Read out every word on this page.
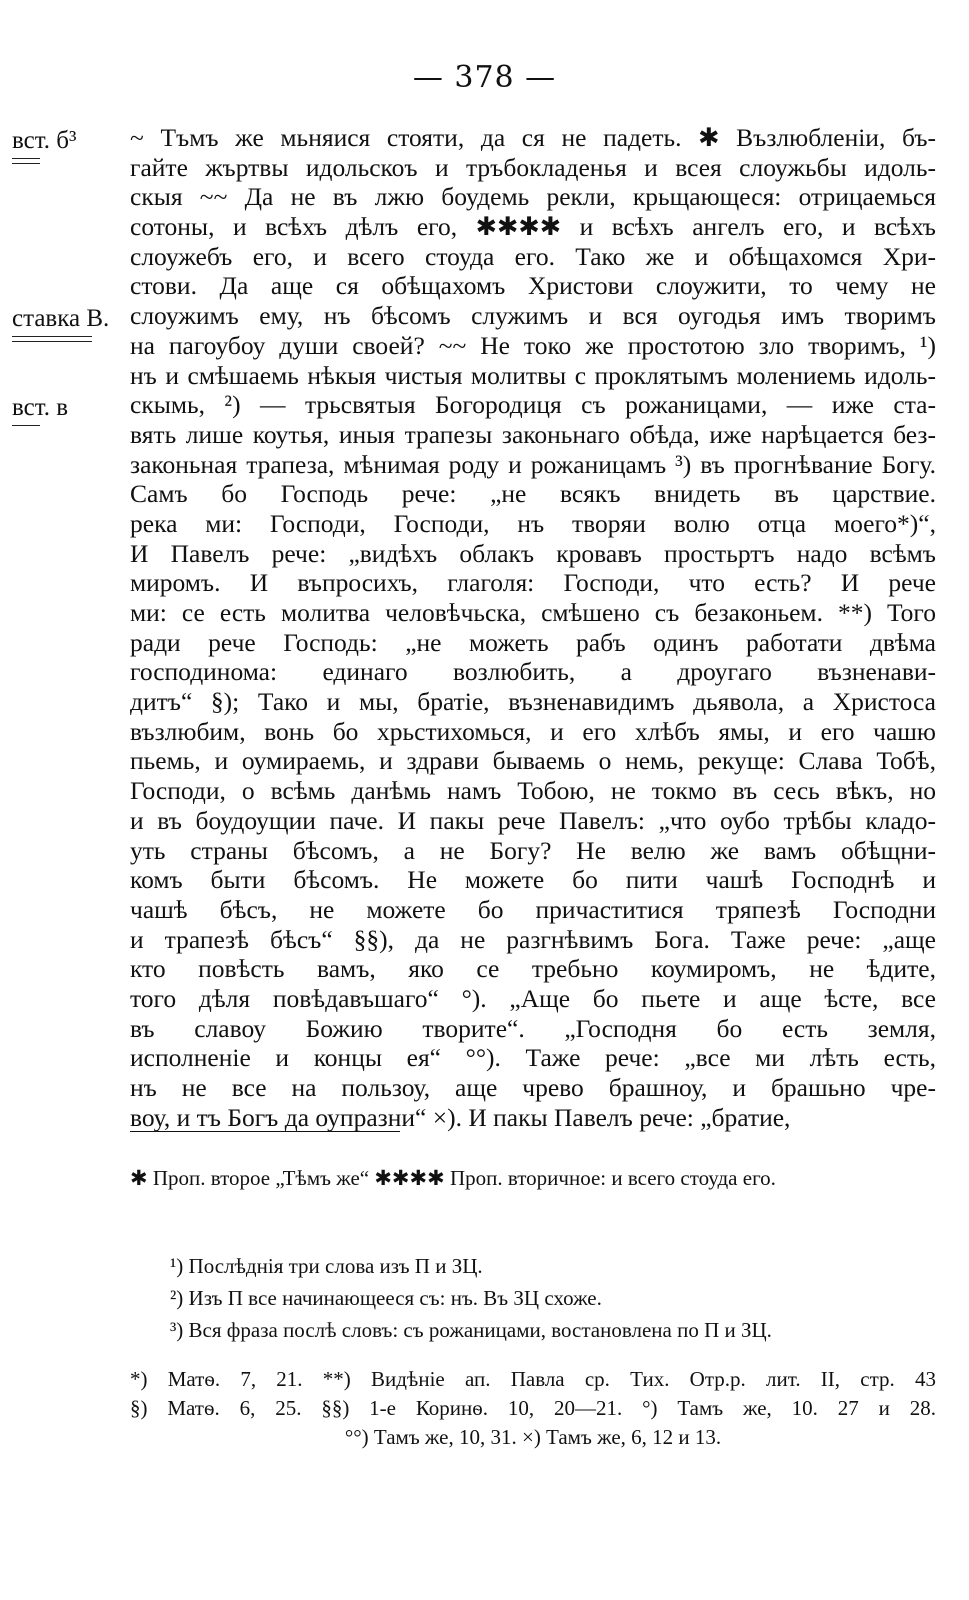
— 378 —
вст. б³
ставка В.
вст. в
~ Тъмъ же мьняися стояти, да ся не падеть. ✱ Възлюбленіи, бъ-
гайте жъртвы идольскоъ и тръбокладенья и всея слоужьбы идоль-
скыя ~~ Да не въ лжю боудемь рекли, крьщающеся: отрицаемься
сотоны, и всѣхъ дѣлъ его, ✱✱✱✱ и всѣхъ ангелъ его, и всѣхъ
слоужебъ его, и всего стоуда его. Тако же и обѣщахомся Хри-
стови. Да аще ся обѣщахомъ Христови слоужити, то чему не
слоужимъ ему, нъ бѣсомъ служимъ и вся оугодья имъ творимъ
на пагоубоу души своей? ~~ Не токо же простотою зло творимъ, ¹)
нъ и смѣшаемь нѣкыя чистыя молитвы с проклятымъ молениемь идоль-
скымь, ²) — трьсвятыя Богородиця съ рожаницами, — иже ста-
вять лише коутья, иныя трапезы законьнаго обѣда, иже нарѣцается без-
законьная трапеза, мѣнимая роду и рожаницамъ ³) въ прогнѣвание Богу.
Самъ бо Господь рече: „не всякъ внидеть въ царствие.
река ми: Господи, Господи, нъ творяи волю отца моего*)“,
И Павелъ рече: „видѣхъ облакъ кровавъ простьртъ надо всѣмъ
миромъ. И въпросихъ, глаголя: Господи, что есть? И рече
ми: се есть молитва человѣчьска, смѣшено съ безаконьем. **) Того
ради рече Господь: „не можеть рабъ одинъ работати двѣма
господинома: единаго возлюбить, а дроугаго възненави-
дитъ“ §); Тако и мы, братіе, възненавидимъ дьявола, а Христоса
възлюбим, вонь бо хрьстихомься, и его хлѣбъ ямы, и его чашю
пьемь, и оумираемь, и здрави бываемь о немь, рекуще: Слава Тобѣ,
Господи, о всѣмь данѣмь намъ Тобою, не токмо въ сесь вѣкъ, но
и въ боудоущии паче. И пакы рече Павелъ: „что оубо трѣбы кладо-
уть страны бѣсомъ, а не Богу? Не велю же вамъ обѣщни-
комъ быти бѣсомъ. Не можете бо пити чашѣ Господнѣ и
чашѣ бѣсъ, не можете бо причаститися тряпезѣ Господни
и трапезѣ бѣсъ“ §§), да не разгнѣвимъ Бога. Таже рече: „аще
кто повѣсть вамъ, яко се требьно коумиромъ, не ѣдите,
того дѣля повѣдавъшаго“ °). „Аще бо пьете и аще ѣсте, все
въ славоу Божию творите“. „Господня бо есть земля,
исполненіе и концы ея“ °°). Таже рече: „все ми лѣть есть,
нъ не все на пользоу, аще чрево брашноу, и брашьно чре-
воу, и тъ Богъ да оупразни“ ×). И пакы Павелъ рече: „братие,
✱ Проп. второе „Тѣмъ же“ ✱✱✱✱ Проп. вторичное: и всего стоуда его.
¹) Послѣднія три слова изъ П и ЗЦ.
²) Изъ П все начинающееся съ: нъ. Въ ЗЦ схоже.
³) Вся фраза послѣ словъ: съ рожаницами, востановлена по П и ЗЦ.
*) Матѳ. 7, 21. **) Видѣніе ап. Павла ср. Тих. Отр.р. лит. II, стр. 43
§) Матѳ. 6, 25. §§) 1-е Коринѳ. 10, 20—21. °) Тамъ же, 10. 27 и 28.
°°) Тамъ же, 10, 31. ×) Тамъ же, 6, 12 и 13.
